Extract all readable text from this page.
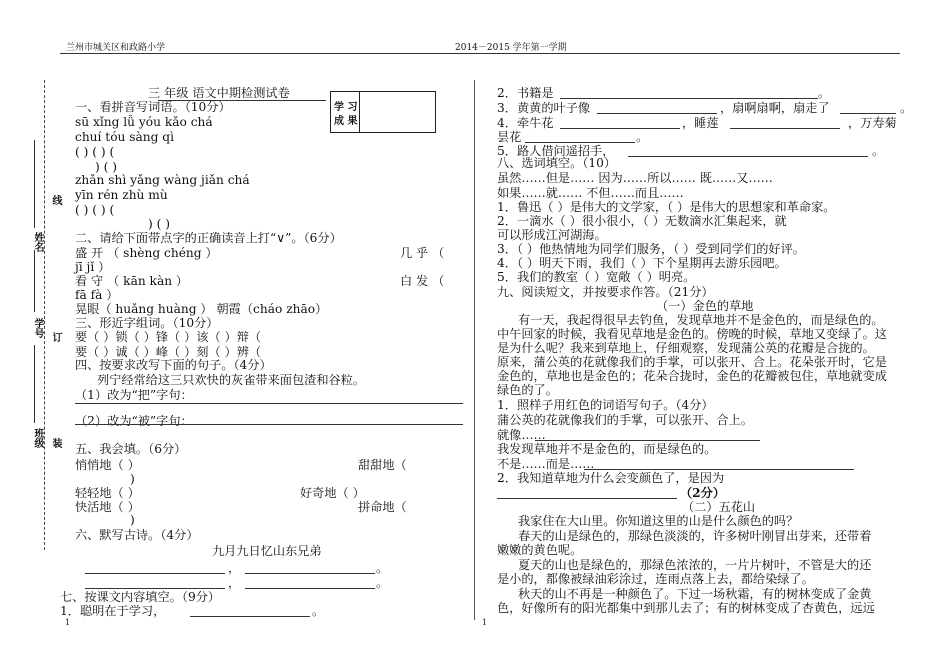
兰州市城关区和政路小学	2014－2015 学年第一学期
姓名
线
学号 订
班级 装
学 习
成 果
三 年级 语文中期检测试卷
一、看拼音写词语。（10分）
sū xǐng lǚ yóu kǎo chá
chuí tóu sàng qì
( ) ( ) (
) ( )
zhǎn shì yǎng wàng jiǎn chá
yīn rén zhù mù
( ) ( ) (
) ( )
二、请给下面带点字的正确读音上打“∨”。（6分）
盛 开 （ shèng chéng ）	几 乎 （
jī jǐ ）
看 守 （ kān kàn ）	白 发 （
fā fà ）
晃眼（ huǎng huàng ） 朝霞（cháo zhāo）
三、形近字组词。（10分）
要（ ）锁（ ）锋（ ）该（ ）辩（
要（ ）诚（ ）峰（ ）刻（ ）辨（
四、按要求改写下面的句子。（4分）
列宁经常给这三只欢快的灰雀带来面包渣和谷粒。
（1）改为“把”字句：
（2）改为“被”字句：
五、我会填。（6分）
悄悄地（ ）	甜甜地（
)
轻轻地（ ）	好奇地（ ）
快活地（ ）	拼命地（
)
六、默写古诗。（4分）
九月九日忆山东兄弟
，	。
，	。
七、按课文内容填空。（9分）
1．聪明在于学习，	。
1
2．书籍是	。
3．黄黄的叶子像	，扇啊扇啊，扇走了	。
4．牵牛花	，睡莲	，万寿菊
昙花	。
5．路人借问遥招手，	。
八、选词填空。（10）
虽然……但是…… 因为……所以…… 既……又……
如果……就…… 不但……而且……
1．鲁迅（ ）是伟大的文学家，（ ）是伟大的思想家和革命家。
2．一滴水（ ）很小很小，（ ）无数滴水汇集起来，就
可以形成江河湖海。
3．（ ）他热情地为同学们服务，（ ）受到同学们的好评。
4．（ ）明天下雨，我们（ ）下个星期再去游乐园吧。
5．我们的教室（ ）宽敞（ ）明亮。
九、阅读短文，并按要求作答。（21分）
（一）金色的草地
有一天，我起得很早去钓鱼，发现草地并不是金色的，而是绿色的。
中午回家的时候，我看见草地是金色的。傍晚的时候，草地又变绿了。这
是为什么呢？我来到草地上，仔细观察，发现蒲公英的花瓣是合拢的。
原来，蒲公英的花就像我们的手掌，可以张开、合上。花朵张开时，它是
金色的，草地也是金色的；花朵合拢时，金色的花瓣被包住，草地就变成
绿色的了。
1．照样子用红色的词语写句子。（4分）
蒲公英的花就像我们的手掌，可以张开、合上。
就像……
我发现草地并不是金色的，而是绿色的。
不是……而是……
2．我知道草地为什么会变颜色了，是因为
（2分）
（二）五花山
我家住在大山里。你知道这里的山是什么颜色的吗？
春天的山是绿色的，那绿色淡淡的，许多树叶刚冒出芽来，还带着
嫩嫩的黄色呢。
夏天的山也是绿色的，那绿色浓浓的，一片片树叶，不管是大的还
是小的，都像被绿油彩涂过，连雨点落上去，都给染绿了。
秋天的山不再是一种颜色了。下过一场秋霜，有的树林变成了金黄
色，好像所有的阳光都集中到那儿去了；有的树林变成了杏黄色，远远
1
